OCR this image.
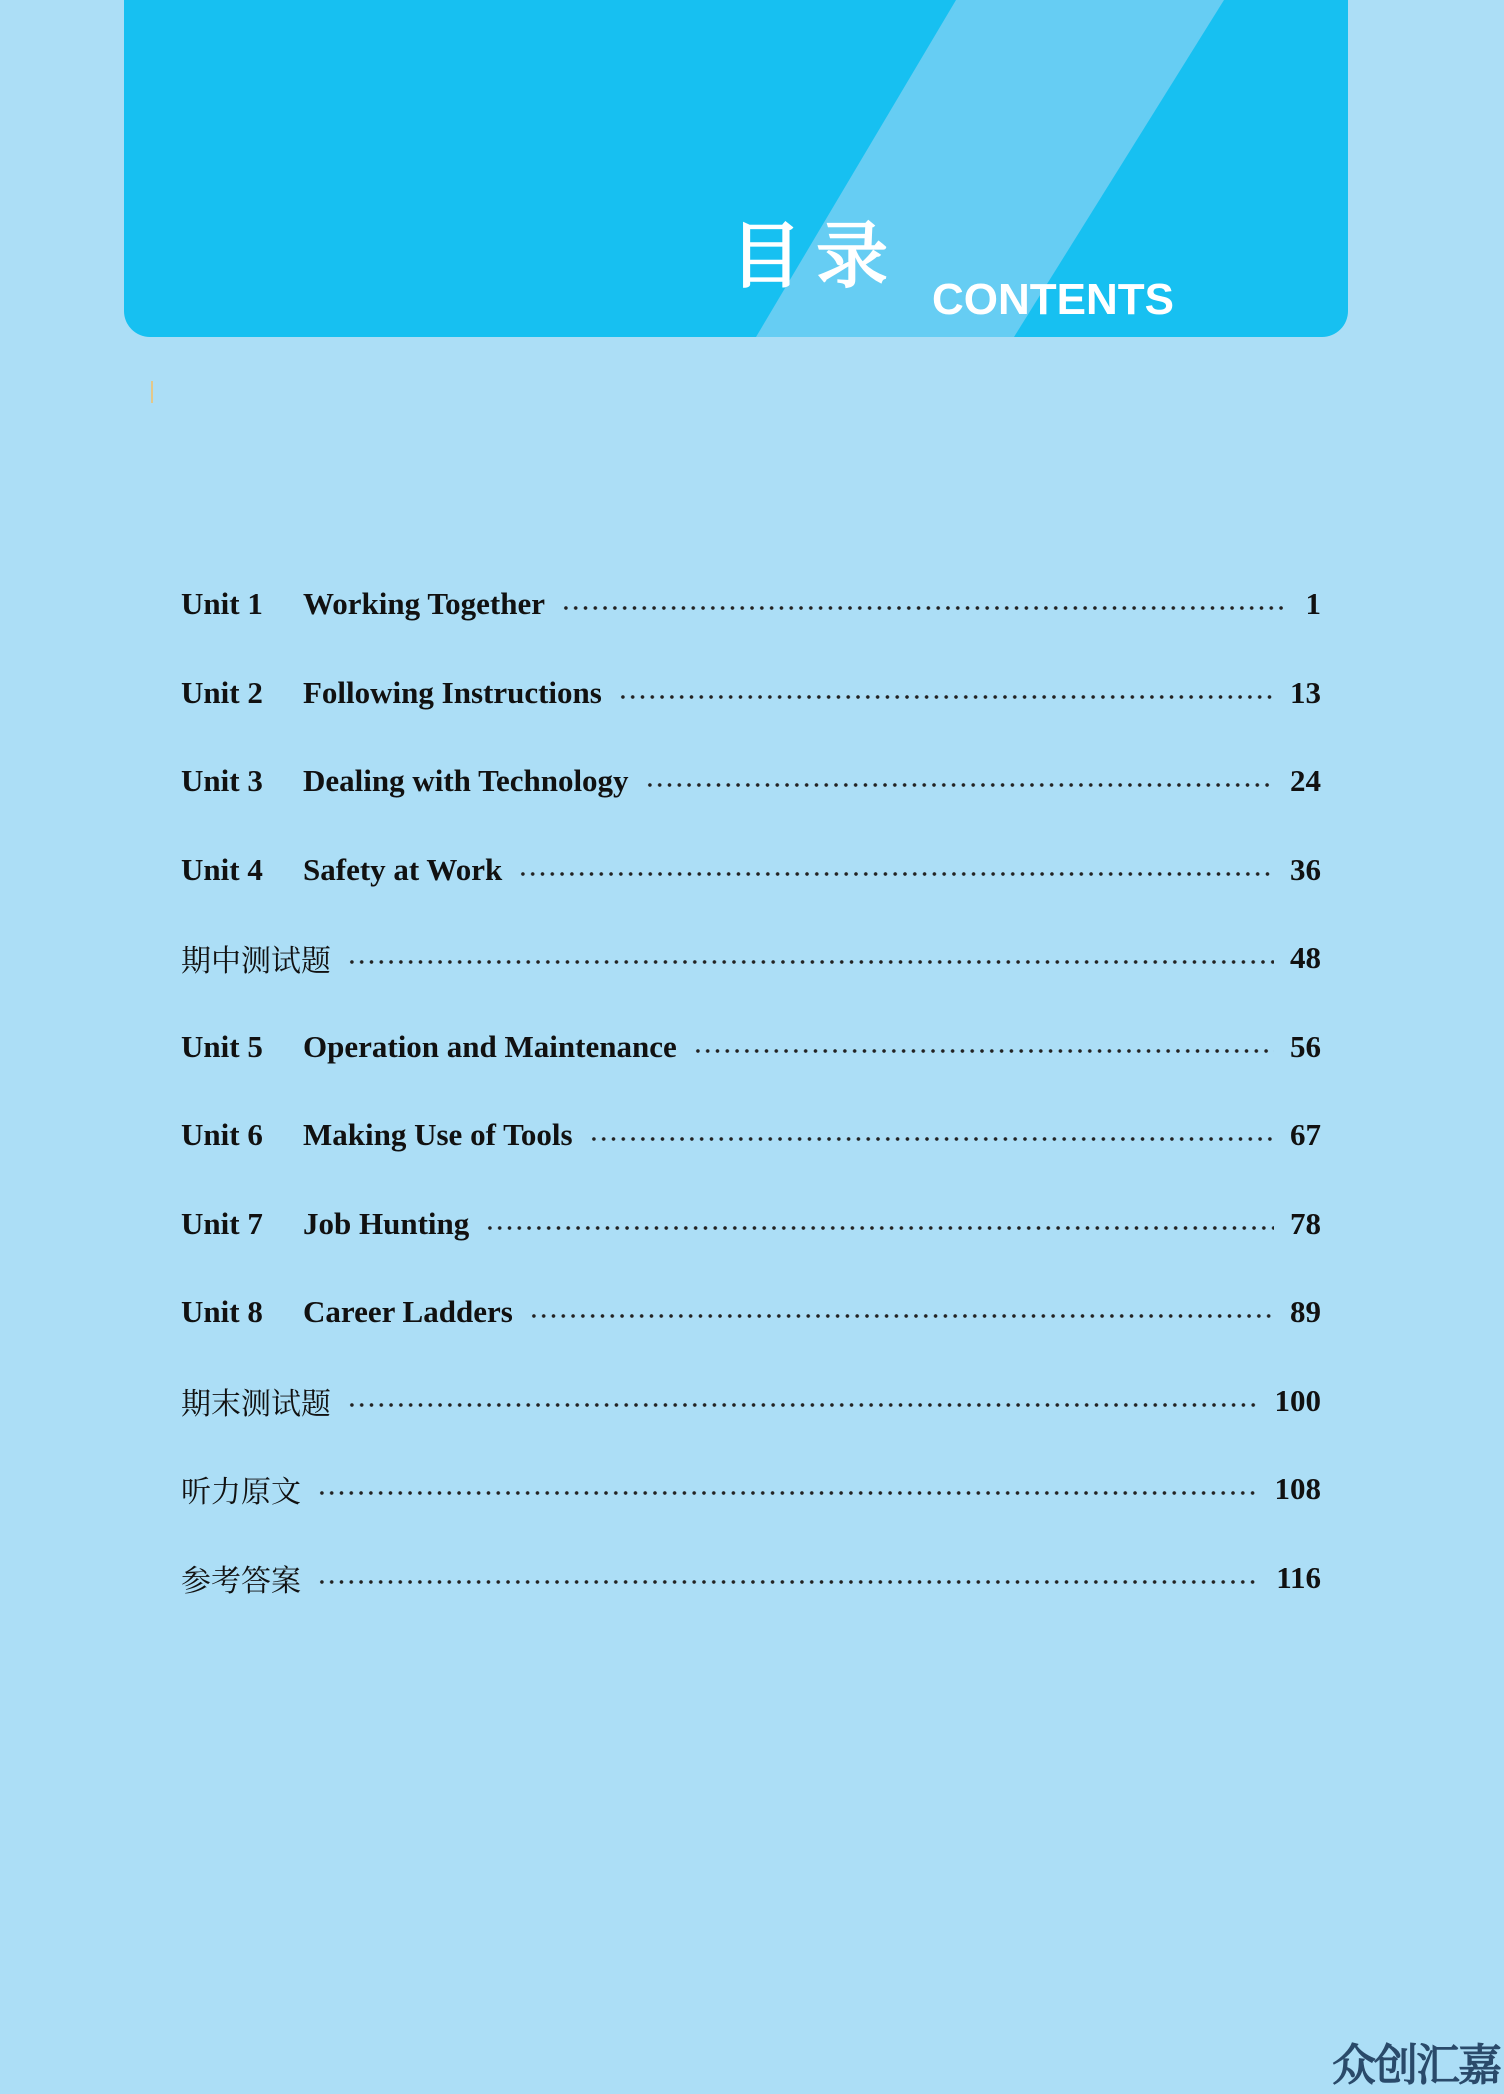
目录
CONTENTS
Unit 1	Working Together	1
Unit 2	Following Instructions	13
Unit 3	Dealing with Technology	24
Unit 4	Safety at Work	36
期中测试题	48
Unit 5	Operation and Maintenance	56
Unit 6	Making Use of Tools	67
Unit 7	Job Hunting	78
Unit 8	Career Ladders	89
期末测试题	100
听力原文	108
参考答案	116
众创汇嘉
